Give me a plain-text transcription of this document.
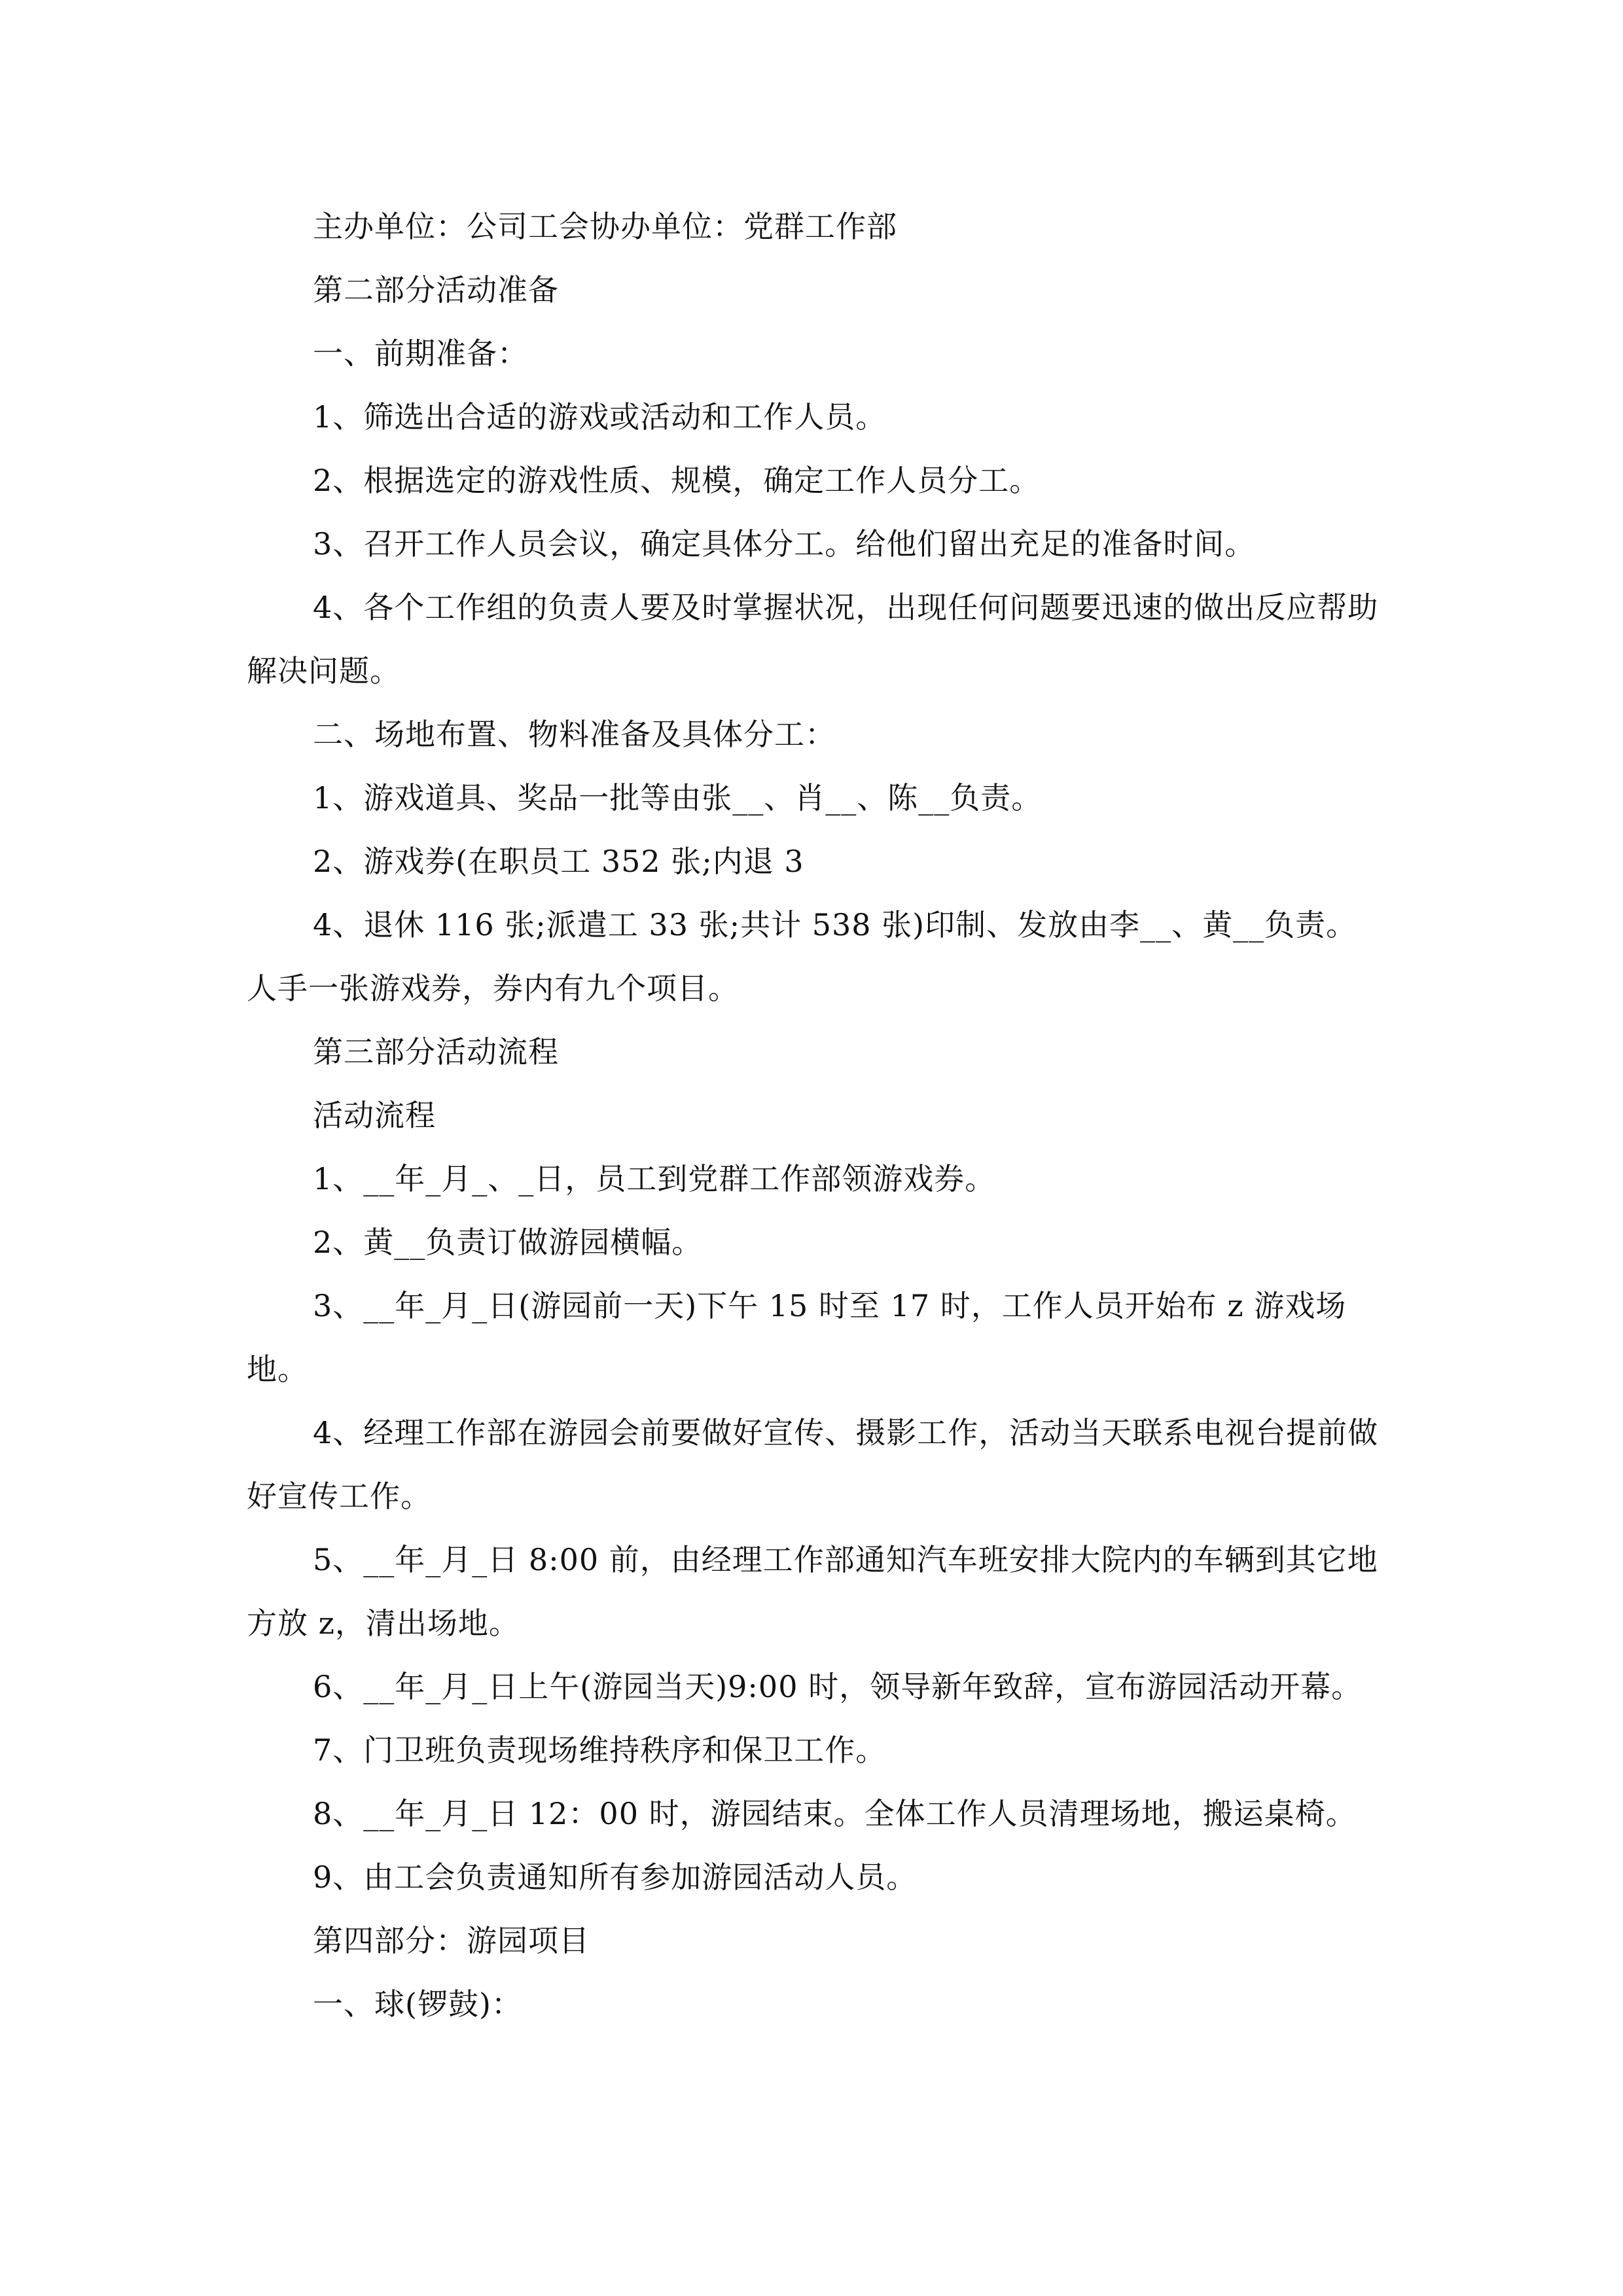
主办单位：公司工会协办单位：党群工作部

第二部分活动准备

一、前期准备：

1、筛选出合适的游戏或活动和工作人员。

2、根据选定的游戏性质、规模，确定工作人员分工。

3、召开工作人员会议，确定具体分工。给他们留出充足的准备时间。

4、各个工作组的负责人要及时掌握状况，出现任何问题要迅速的做出反应帮助解决问题。

二、场地布置、物料准备及具体分工：

1、游戏道具、奖品一批等由张__、肖__、陈__负责。

2、游戏券(在职员工 352 张;内退 3

4、退休 116 张;派遣工 33 张;共计 538 张)印制、发放由李__、黄__负责。人手一张游戏券，券内有九个项目。

第三部分活动流程

活动流程

1、__年_月_、_日，员工到党群工作部领游戏券。

2、黄__负责订做游园横幅。

3、__年_月_日(游园前一天)下午 15 时至 17 时，工作人员开始布 z 游戏场地。

4、经理工作部在游园会前要做好宣传、摄影工作，活动当天联系电视台提前做好宣传工作。

5、__年_月_日 8:00 前，由经理工作部通知汽车班安排大院内的车辆到其它地方放 z，清出场地。

6、__年_月_日上午(游园当天)9:00 时，领导新年致辞，宣布游园活动开幕。

7、门卫班负责现场维持秩序和保卫工作。

8、__年_月_日 12：00 时，游园结束。全体工作人员清理场地，搬运桌椅。

9、由工会负责通知所有参加游园活动人员。

第四部分：游园项目

一、球(锣鼓)：
